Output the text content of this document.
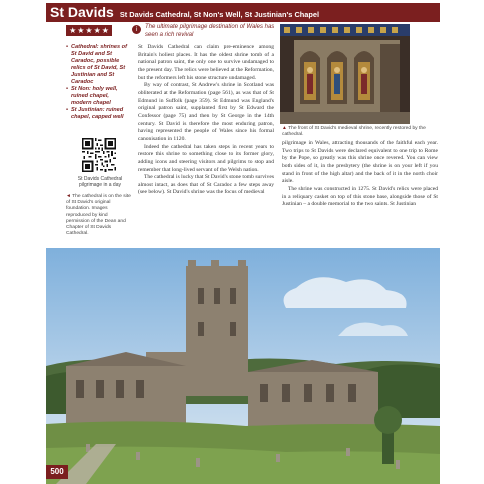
St Davids St Davids Cathedral, St Non's Well, St Justinian's Chapel
★ ★ ★ ★ ★	i	The ultimate pilgrimage destination of Wales has seen a rich revival
• Cathedral: shrines of St David and St Caradoc, possible relics of St David, St Justinian and St Caradoc
• St Non: holy well, ruined chapel, modern chapel
• St Justinian: ruined chapel, capped well
St Davids Cathedral pilgrimage in a day
◄ The cathedral is on the site of St David's original foundation. Images reproduced by kind permission of the Dean and Chapter of St Davids Cathedral.

St Davids Cathedral can claim pre-eminence among Britain's holiest places. It has the oldest shrine tomb of a national patron saint, the only one to survive undamaged to the present day. The relics were believed at the Reformation, but the reformers left his stone structure undamaged.

By way of contrast, St Andrew's shrine in Scotland was obliterated at the Reformation (page 561), as was that of St Edmund in Suffolk (page 359). St Edmund was England's original patron saint, supplanted first by St Edward the Confessor (page 75) and then by St George in the 14th century. St David is therefore the most enduring patron, having represented the people of Wales since his formal canonisation in 1120.

Indeed the cathedral has taken steps in recent years to restore this shrine to something close to its former glory, adding icons and steering visitors and pilgrims to stop and remember that long-lived servant of the Welsh nation.

The cathedral is lucky that St David's stone tomb survives almost intact, as does that of St Caradoc a few steps away (see below). St David's shrine was the focus of medieval

▲ The front of St David's medieval shrine, recently restored by the cathedral.

pilgrimage in Wales, attracting thousands of the faithful each year. Two trips to St Davids were declared equivalent to one trip to Rome by the Pope, so greatly was this shrine once revered. You can view both sides of it, in the presbytery (the shrine is on your left if you stand in front of the high altar) and the back of it in the north choir aisle.

The shrine was constructed in 1275. St David's relics were placed in a reliquary casket on top of this stone base, alongside those of St Justinian – a double memorial to the two saints. St Justinian

500
